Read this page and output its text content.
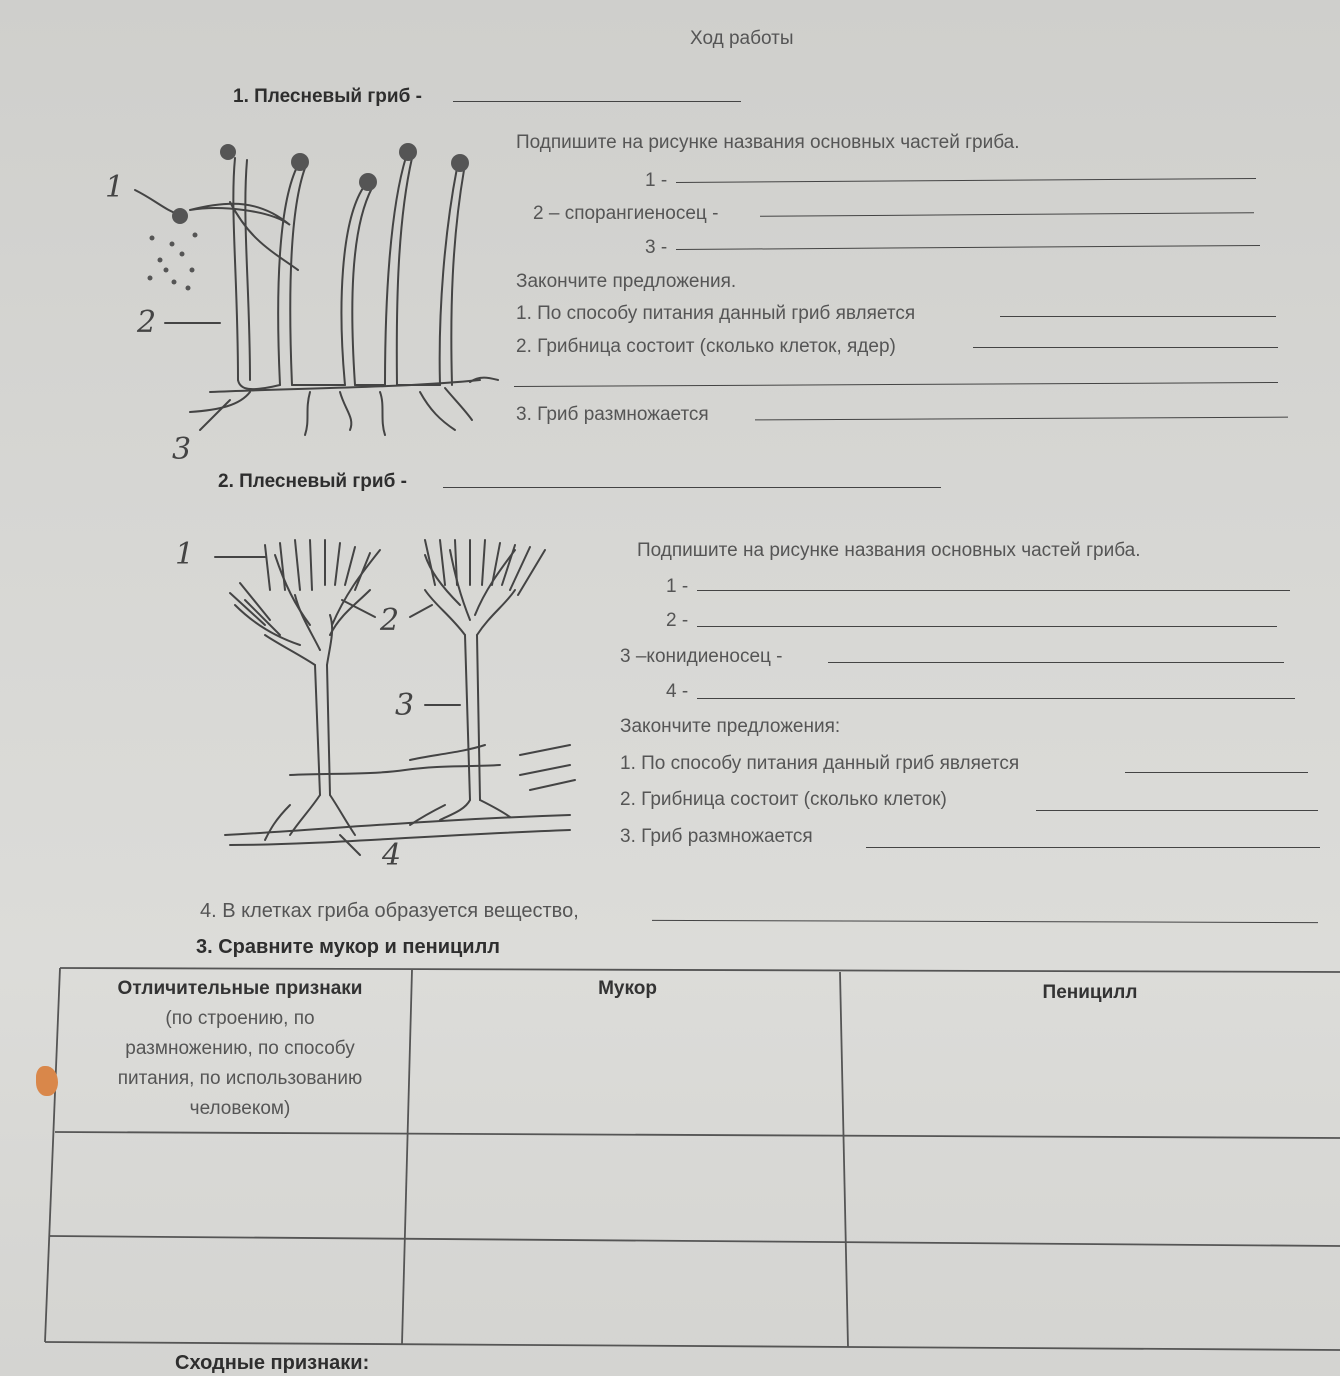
Ход работы
1. Плесневый гриб -
Подпишите на рисунке названия основных частей гриба.
1 -
2 – спорангиеносец -
3 -
Закончите предложения.
1. По способу питания данный гриб является
2. Грибница состоит (сколько клеток, ядер)
3. Гриб размножается
1
2
3
2. Плесневый гриб -
Подпишите на рисунке названия основных частей гриба.
1 -
2 -
3 –конидиеносец -
4 -
Закончите предложения:
1. По способу питания данный гриб является
2. Грибница состоит (сколько клеток)
3. Гриб размножается
1
2
3
4
4. В клетках гриба образуется вещество,
3. Сравните мукор и пеницилл
Отличительные признаки
(по строению, по
размножению, по способу
питания, по использованию
человеком)
Мукор	Пеницилл
Сходные признаки:
